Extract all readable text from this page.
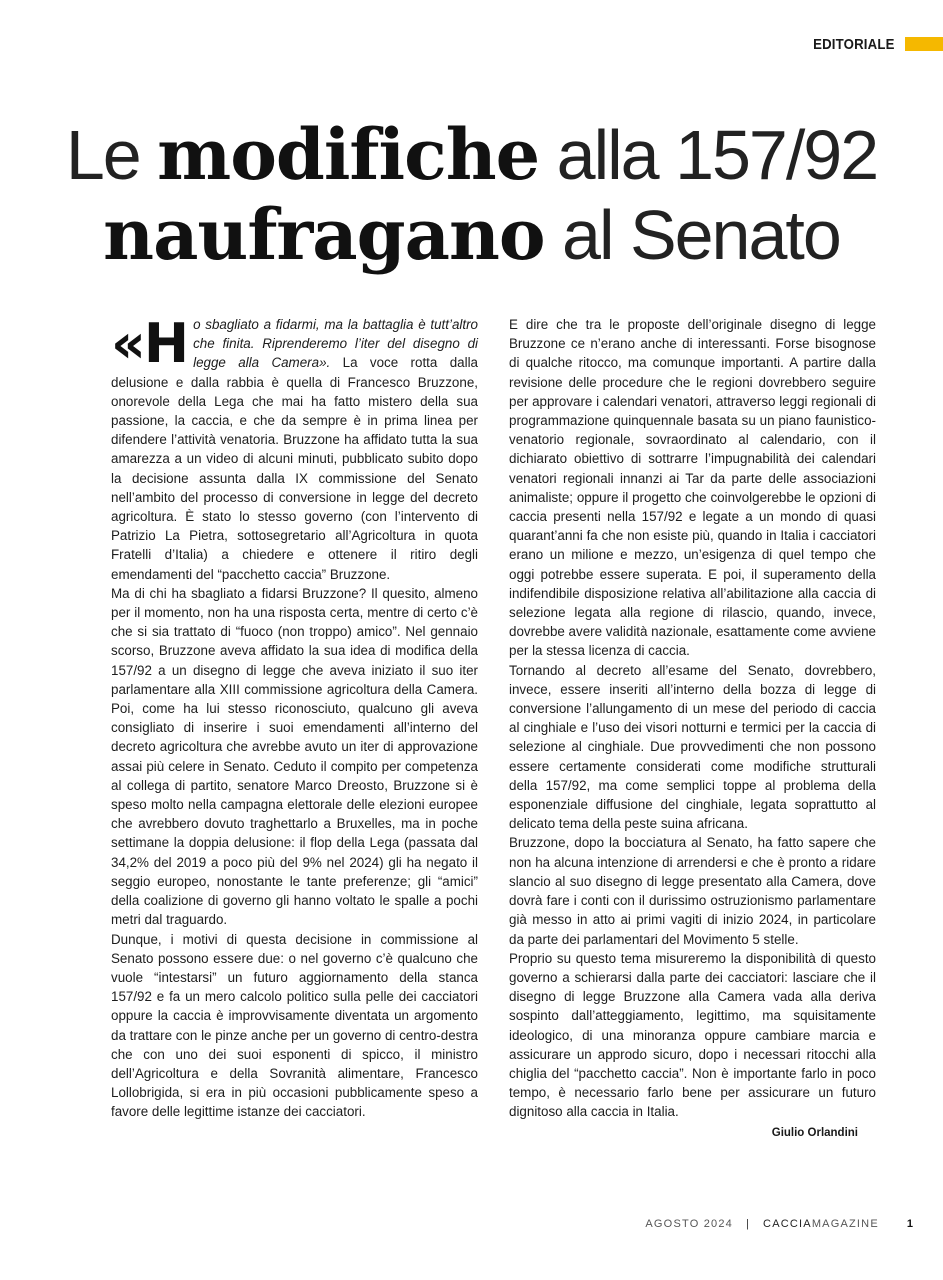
EDITORIALE
Le modifiche alla 157/92
naufragano al Senato

«H o sbagliato a fidarmi, ma la battaglia è tutt’altro che finita. Riprenderemo l’iter del disegno di legge alla Camera». La voce rotta dalla delusione e dalla rabbia è quella di Francesco Bruzzone, onorevole della Lega che mai ha fatto mistero della sua passione, la caccia, e che da sempre è in prima linea per difendere l’attività venatoria. Bruzzone ha affidato tutta la sua amarezza a un video di alcuni minuti, pubblicato subito dopo la decisione assunta dalla IX commissione del Senato nell’ambito del processo di conversione in legge del decreto agricoltura. È stato lo stesso governo (con l’intervento di Patrizio La Pietra, sottosegretario all’Agricoltura in quota Fratelli d’Italia) a chiedere e ottenere il ritiro degli emendamenti del “pacchetto caccia” Bruzzone.

Ma di chi ha sbagliato a fidarsi Bruzzone? Il quesito, almeno per il momento, non ha una risposta certa, mentre di certo c’è che si sia trattato di “fuoco (non troppo) amico”. Nel gennaio scorso, Bruzzone aveva affidato la sua idea di modifica della 157/92 a un disegno di legge che aveva iniziato il suo iter parlamentare alla XIII commissione agricoltura della Camera. Poi, come ha lui stesso riconosciuto, qualcuno gli aveva consigliato di inserire i suoi emendamenti all’interno del decreto agricoltura che avrebbe avuto un iter di approvazione assai più celere in Senato. Ceduto il compito per competenza al collega di partito, senatore Marco Dreosto, Bruzzone si è speso molto nella campagna elettorale delle elezioni europee che avrebbero dovuto traghettarlo a Bruxelles, ma in poche settimane la doppia delusione: il flop della Lega (passata dal 34,2% del 2019 a poco più del 9% nel 2024) gli ha negato il seggio europeo, nonostante le tante preferenze; gli “amici” della coalizione di governo gli hanno voltato le spalle a pochi metri dal traguardo.

Dunque, i motivi di questa decisione in commissione al Senato possono essere due: o nel governo c’è qualcuno che vuole “intestarsi” un futuro aggiornamento della stanca 157/92 e fa un mero calcolo politico sulla pelle dei cacciatori oppure la caccia è improvvisamente diventata un argomento da trattare con le pinze anche per un governo di centro-destra che con uno dei suoi esponenti di spicco, il ministro dell’Agricoltura e della Sovranità alimentare, Francesco Lollobrigida, si era in più occasioni pubblicamente speso a favore delle legittime istanze dei cacciatori.

E dire che tra le proposte dell’originale disegno di legge Bruzzone ce n’erano anche di interessanti. Forse bisognose di qualche ritocco, ma comunque importanti. A partire dalla revisione delle procedure che le regioni dovrebbero seguire per approvare i calendari venatori, attraverso leggi regionali di programmazione quinquennale basata su un piano faunistico-venatorio regionale, sovraordinato al calendario, con il dichiarato obiettivo di sottrarre l’impugnabilità dei calendari venatori regionali innanzi ai Tar da parte delle associazioni animaliste; oppure il progetto che coinvolgerebbe le opzioni di caccia presenti nella 157/92 e legate a un mondo di quasi quarant’anni fa che non esiste più, quando in Italia i cacciatori erano un milione e mezzo, un’esigenza di quel tempo che oggi potrebbe essere superata. E poi, il superamento della indifendibile disposizione relativa all’abilitazione alla caccia di selezione legata alla regione di rilascio, quando, invece, dovrebbe avere validità nazionale, esattamente come avviene per la stessa licenza di caccia.

Tornando al decreto all’esame del Senato, dovrebbero, invece, essere inseriti all’interno della bozza di legge di conversione l’allungamento di un mese del periodo di caccia al cinghiale e l’uso dei visori notturni e termici per la caccia di selezione al cinghiale. Due provvedimenti che non possono essere certamente considerati come modifiche strutturali della 157/92, ma come semplici toppe al problema della esponenziale diffusione del cinghiale, legata soprattutto al delicato tema della peste suina africana.

Bruzzone, dopo la bocciatura al Senato, ha fatto sapere che non ha alcuna intenzione di arrendersi e che è pronto a ridare slancio al suo disegno di legge presentato alla Camera, dove dovrà fare i conti con il durissimo ostruzionismo parlamentare già messo in atto ai primi vagiti di inizio 2024, in particolare da parte dei parlamentari del Movimento 5 stelle.

Proprio su questo tema misureremo la disponibilità di questo governo a schierarsi dalla parte dei cacciatori: lasciare che il disegno di legge Bruzzone alla Camera vada alla deriva sospinto dall’atteggiamento, legittimo, ma squisitamente ideologico, di una minoranza oppure cambiare marcia e assicurare un approdo sicuro, dopo i necessari ritocchi alla chiglia del “pacchetto caccia”. Non è importante farlo in poco tempo, è necessario farlo bene per assicurare un futuro dignitoso alla caccia in Italia.

Giulio Orlandini
AGOSTO 2024 | CACCIA MAGAZINE	1
